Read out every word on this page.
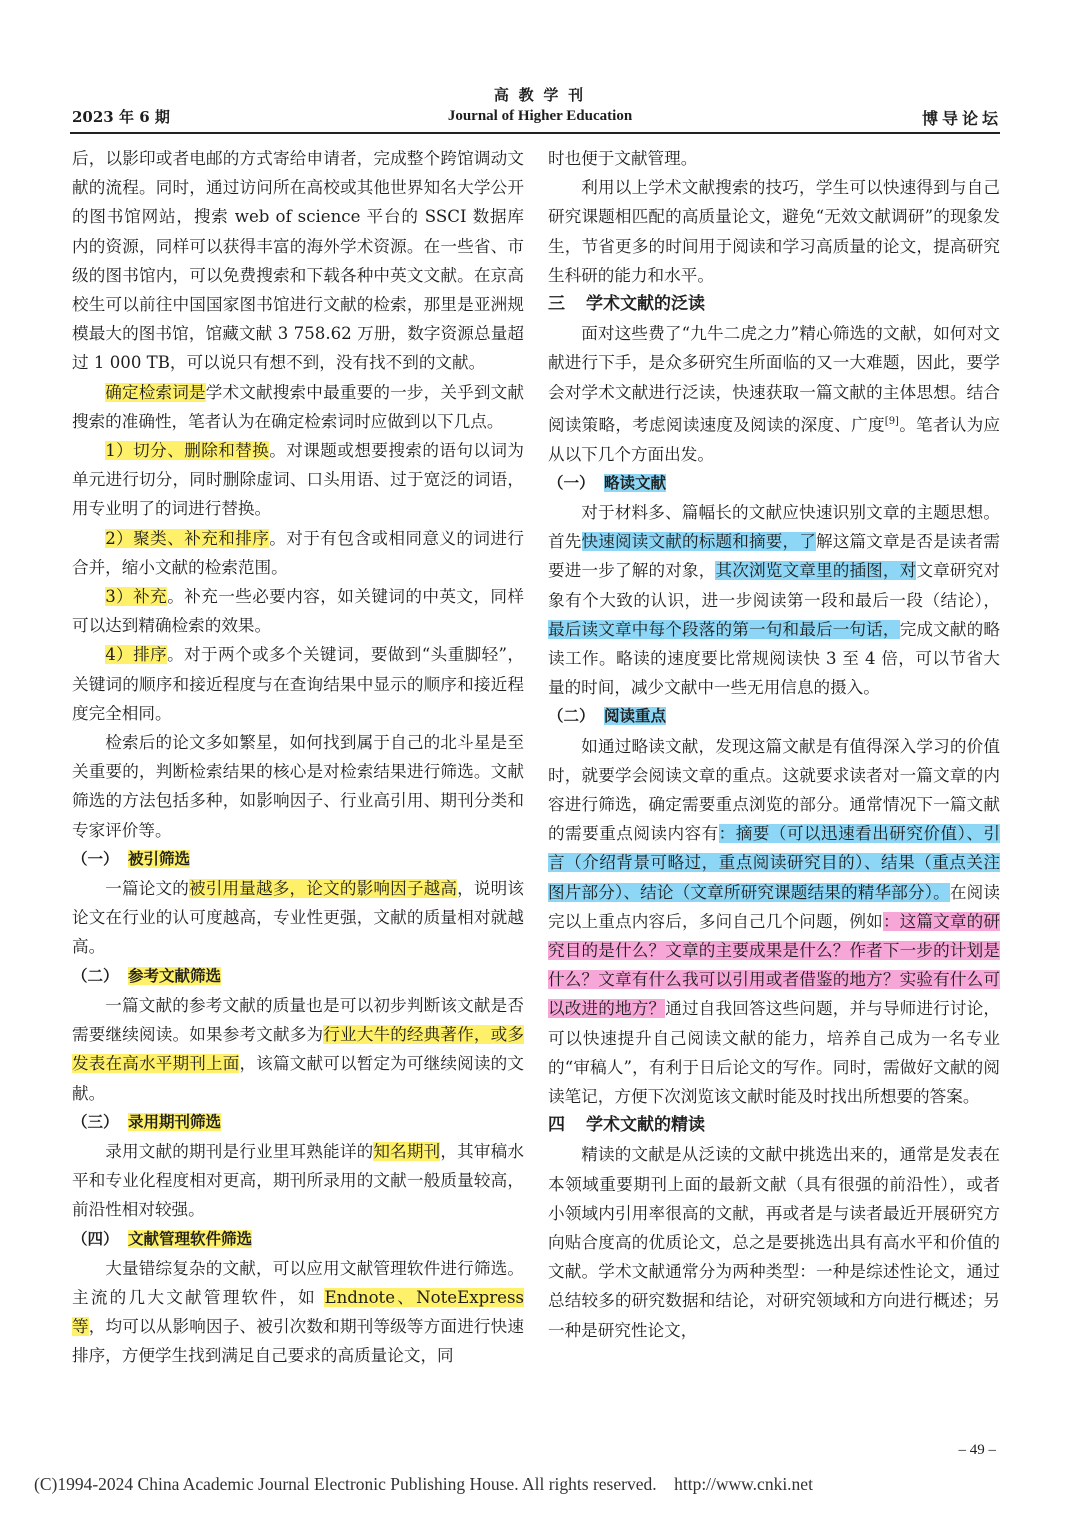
高 教 学 刊
Journal of Higher Education
2023 年 6 期	博导论坛

后，以影印或者电邮的方式寄给申请者，完成整个跨馆调动文献的流程。同时，通过访问所在高校或其他世界知名大学公开的图书馆网站，搜索 web of science 平台的 SSCI 数据库内的资源，同样可以获得丰富的海外学术资源。在一些省、市级的图书馆内，可以免费搜索和下载各种中英文文献。在京高校生可以前往中国国家图书馆进行文献的检索，那里是亚洲规模最大的图书馆，馆藏文献 3 758.62 万册，数字资源总量超过 1 000 TB，可以说只有想不到，没有找不到的文献。

确定检索词是学术文献搜索中最重要的一步，关乎到文献搜索的准确性，笔者认为在确定检索词时应做到以下几点。

1）切分、删除和替换。对课题或想要搜索的语句以词为单元进行切分，同时删除虚词、口头用语、过于宽泛的词语，用专业明了的词进行替换。

2）聚类、补充和排序。对于有包含或相同意义的词进行合并，缩小文献的检索范围。

3）补充。补充一些必要内容，如关键词的中英文，同样可以达到精确检索的效果。

4）排序。对于两个或多个关键词，要做到“头重脚轻”，关键词的顺序和接近程度与在查询结果中显示的顺序和接近程度完全相同。

检索后的论文多如繁星，如何找到属于自己的北斗星是至关重要的，判断检索结果的核心是对检索结果进行筛选。文献筛选的方法包括多种，如影响因子、行业高引用、期刊分类和专家评价等。

（一） 被引筛选

一篇论文的被引用量越多，论文的影响因子越高，说明该论文在行业的认可度越高，专业性更强，文献的质量相对就越高。

（二） 参考文献筛选

一篇文献的参考文献的质量也是可以初步判断该文献是否需要继续阅读。如果参考文献多为行业大牛的经典著作，或多发表在高水平期刊上面，该篇文献可以暂定为可继续阅读的文献。

（三） 录用期刊筛选

录用文献的期刊是行业里耳熟能详的知名期刊，其审稿水平和专业化程度相对更高，期刊所录用的文献一般质量较高，前沿性相对较强。

（四） 文献管理软件筛选

大量错综复杂的文献，可以应用文献管理软件进行筛选。主流的几大文献管理软件，如 Endnote、NoteExpress 等，均可以从影响因子、被引次数和期刊等级等方面进行快速排序，方便学生找到满足自己要求的高质量论文，同

时也便于文献管理。

利用以上学术文献搜索的技巧，学生可以快速得到与自己研究课题相匹配的高质量论文，避免“无效文献调研”的现象发生，节省更多的时间用于阅读和学习高质量的论文，提高研究生科研的能力和水平。

三 学术文献的泛读

面对这些费了“九牛二虎之力”精心筛选的文献，如何对文献进行下手，是众多研究生所面临的又一大难题，因此，要学会对学术文献进行泛读，快速获取一篇文献的主体思想。结合阅读策略，考虑阅读速度及阅读的深度、广度[9]。笔者认为应从以下几个方面出发。

（一） 略读文献

对于材料多、篇幅长的文献应快速识别文章的主题思想。首先快速阅读文献的标题和摘要，了解这篇文章是否是读者需要进一步了解的对象，其次浏览文章里的插图，对文章研究对象有个大致的认识，进一步阅读第一段和最后一段（结论），最后读文章中每个段落的第一句和最后一句话，完成文献的略读工作。略读的速度要比常规阅读快 3 至 4 倍，可以节省大量的时间，减少文献中一些无用信息的摄入。

（二） 阅读重点

如通过略读文献，发现这篇文献是有值得深入学习的价值时，就要学会阅读文章的重点。这就要求读者对一篇文章的内容进行筛选，确定需要重点浏览的部分。通常情况下一篇文献的需要重点阅读内容有：摘要（可以迅速看出研究价值）、引言（介绍背景可略过，重点阅读研究目的）、结果（重点关注图片部分）、结论（文章所研究课题结果的精华部分）。在阅读完以上重点内容后，多问自己几个问题，例如：这篇文章的研究目的是什么？文章的主要成果是什么？作者下一步的计划是什么？文章有什么我可以引用或者借鉴的地方？实验有什么可以改进的地方？通过自我回答这些问题，并与导师进行讨论，可以快速提升自己阅读文献的能力，培养自己成为一名专业的“审稿人”，有利于日后论文的写作。同时，需做好文献的阅读笔记，方便下次浏览该文献时能及时找出所想要的答案。

四 学术文献的精读

精读的文献是从泛读的文献中挑选出来的，通常是发表在本领域重要期刊上面的最新文献（具有很强的前沿性），或者小领域内引用率很高的文献，再或者是与读者最近开展研究方向贴合度高的优质论文，总之是要挑选出具有高水平和价值的文献。学术文献通常分为两种类型：一种是综述性论文，通过总结较多的研究数据和结论，对研究领域和方向进行概述；另一种是研究性论文，

– 49 –
(C)1994-2024 China Academic Journal Electronic Publishing House. All rights reserved.    http://www.cnki.net
